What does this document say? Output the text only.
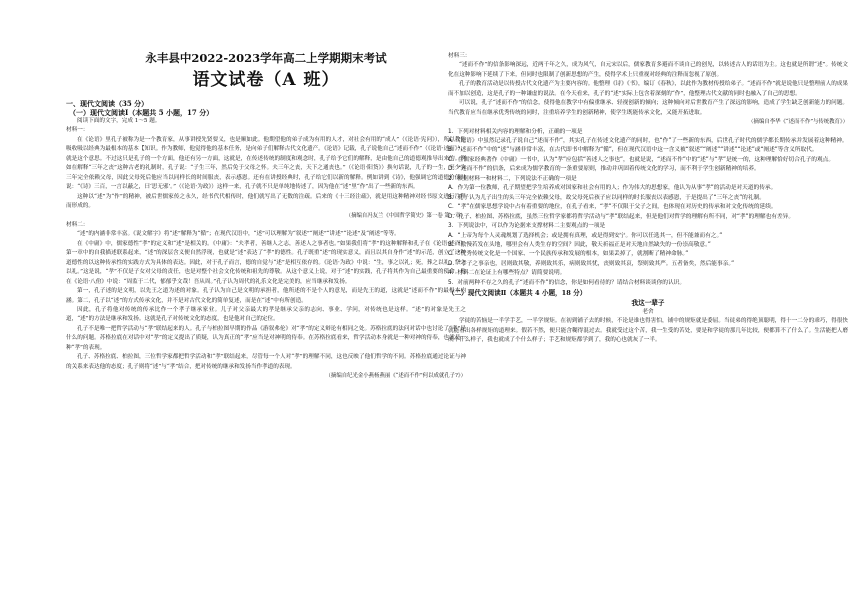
永丰县中2022-2023学年高二上学期期末考试
语文试卷（A 班）
一、现代文阅读（35 分）
（一）现代文阅读Ⅰ（本题共 5 小题，17 分）

阅读下面的文字，完成 1～5 题。

材料一：

在《论语》里孔子被称为是一个教育家，从事讲授先贤要义，也是顺如此。他期望他的弟子成为有用的人才，对社会有用的“成人”（《论语·宪问》），所以教他吸收吸以经典为最根本的基本【知识。作为教师，他觉得他的基本任务，是向弟子们解释古代文化遗产。《论语》记载，孔子说他自己“述而不作”（《论语·述而》），就是这个意思。不过这只是孔子的一个方面，他还有另一方面，这就是，在传述传统的制度和观念时，孔子给予它们的解释，是由他自己的道德观推导出来的。例如在解释“三年之丧”这种古老的礼制时，孔子说：“子生三年，然后免于父母之怀。夫三年之丧，天下之通丧也。”（《论语·阳货》）换句话说，儿子的一生，至少头三年完全依赖父母，因此父母死后他应当以同样长的时间服丧，表示感恩。还有在讲授经典时，孔子给它们以新的解释。例如讲到《诗》，他强调它的道德价值时说：“《诗》三百，一言以蔽之，曰‘思无邪’。”（《论语·为政》）这样一来，孔子就不只是单纯地传述了，因为他在“述”里“作”出了一些新的东西。

这种以“述”为“作”的精神，被后世儒家传之永久，经书代代相传时，他们就写出了无数的注疏。后来的《十三经注疏》，就是用这种精神对经书原文进行注释而形成的。

（摘编自冯友兰《中国哲学简史》第一卷 第一章）

材料二：

“述”的内涵非常丰富。《说文解字》将“述”解释为“循”；在现代汉语中，“述”可以理解为“叙述”“阐述”“讲述”“论述”及“阐述”等等。

在《中庸》中，儒家德性“孝”的定义和“述”是相关的。《中庸》：“夫孝者，善继人之志，善述人之事者也。”如果我们将“孝”的这种解释和孔子在《论语·述而》第一章中的自我描述联系起来，“述”的深层含义便自然浮现，也就是“述”表达了“孝”的德性。孔子既重“述”的现实意义，而且以其自身作“述”的示范，创立了这种道德性的以这种传承性的实践方式为具体的表达。因此，对于孔子而言，德的自觉与“述”是相互依存的。《论语·为政》中说：“生，事之以礼；死，葬之以礼，祭之以礼。”这是说，“孝”不仅是子女对父母的责任，也是对整个社会文化传统和祖先的尊敬。从这个意义上说，对于“述”的实践，孔子将其作为自己最重要的使命。他在《论语·八佾》中说：“周监于二代，郁郁乎文哉！吾从周。”孔子认为周代的礼乐文化是完美的，应当继承和发扬。

第一，孔子述的是文明，以先王之道为述的对象。孔子认为自己是文明的承担者，他所述的不是个人的意见，而是先王的道，这就是“述而不作”的最根本内涵。第二，孔子以“述”的方式传承文化，并不是对古代文化的简单复述，而是在“述”中有所创造。

因此，孔子将他对传统的传承比作一个孝子继承家业。儿子对父亲最大的孝是继承父亲的志向、事业、学问，对传统也是这样。“述”的对象是先王之道，“述”的方法是继承和发扬。这就是孔子对传统文化的态度，也是他对自己的定位。

孔子不是唯一把哲学活动与“孝”联结起来的人。孔子与柏拉图早期的作品《游叙弗伦》对“孝”的定义辩论有相同之处。苏格拉底的法问对话中也讨论了“孝”是什么的问题。苏格拉底在对话中对“孝”的定义提出了质疑，认为真正的“孝”应当是对神明的侍奉。在苏格拉底看来，哲学活动本身就是一种对神的侍奉，也就是一种“孝”的表现。

孔子、苏格拉底、柏拉图，三位哲学家都把哲学活动和“孝”联结起来，尽管每一个人对“孝”的理解不同，这也反映了他们哲学的不同。苏格拉底通过论证与神的关系来表达他的态度；孔子则将“述”与“孝”结合，把对传统的继承和发扬当作孝道的表现。

（摘编自纪光金小燕杨燕丽《“述而不作”何以成就孔子?》）

材料三：

“述而不作”的信条影响深远，近两千年之久，成为风气，自元宋以后，儒家教育多避而不谈自己的创见，以转述古人的话语为主。这也就是所谓“述”。传统文化在这种影响下延续了下来，但同时也限制了创新思想的产生，使得学术上只重视对经典的注释而忽视了原创。

孔子的教育活动是以传授古代文化遗产为主要内容的。他整理《诗》《书》，编订《春秋》，以此作为教材传授给弟子。“述而不作”就是说他只是整理前人的成果而不加以创造，这是孔子的一种谦虚的说法。在今天看来，孔子的“述”实际上包含着深刻的“作”，他整理古代文献的同时也融入了自己的思想。

可以说，孔子“述而不作”的信念，使得他在教学中有偏重继承、轻视创新的倾向；这种倾向对后世教育产生了深远的影响，造成了学生缺乏创新能力的问题。当代教育应当在继承优秀传统的同时，注重培养学生的创新精神，使学生既能传承文化，又能开拓进取。

（摘编自李华《“述而不作”与传统教育》）

1．下列对材料相关内容的理解和分析，正确的一项是

A．《论语》中虽然记录孔子说自己“述而不作”，其实孔子在传述文化遗产的同时，也“作”了一些新的东西，后世孔子时代的儒学都长期传承并发展着这种精神。

B．“述而不作”中的“述”与涵非常丰富，在古代即书中解释为“循”，但在现代汉语中这一含义被“叙述”“阐述”“讲述”“论述”或“阐述”等含义所取代。

C．在儒家经典著作《中庸》一书中，认为“孝”应包括“善述人之事也”，也就是说，“述而不作”中的“述”与“孝”是统一的，这种理解恰好切合孔子的观点。

D．“述而不作”的信条，后来成为儒学教育的一条重要原则，推动并巩固着传统文化的学习，而不利于学生创新精神的培养。

2．根据材料一和材料二，下列说法不正确的一项是

A．作为第一位教师，孔子期望把学生培养成对国家和社会有用的人；作为伟大的思想家，他认为从事“孝”的活动是对天道的传承。

B．孔子认为儿子出生的头三年完全依赖父母，故父母死后孩子应以同样的时长服丧以表感恩，于是提出了“三年之丧”的礼制。

C．“孝”在儒家思想学说中占有着重要的地位，在孔子看来，“孝”不仅限于父子之间，也体现在对历史的传承和对文化传统的延续。

D．孔子、柏拉图、苏格拉底，虽然三位哲学家都将哲学活动与“孝”联结起来，但是他们对哲学的理解有所不同，对“孝”的理解也有差异。

3．下列说法中，可以作为论据来支撑材料二主要观点的一项是

A．“上帝为每个人灵魂规划了选择机会；或是拥有真理，或是得到安宁。你可以任选其一，但不能兼而有之。”

B．“傲慢若发在头地，哪里会有人类生存的空间？因此，敬天祈福正是对天地自然缺失的一份崇高敬意。”

C．“优秀传统文化是一个国家、一个民族传承和发展的根本，如果丢掉了，就割断了精神命脉。”

D．“孝子之事亲也，居则致其敬，养则致其乐，病则致其忧，丧则致其哀，祭则致其严。五者备矣，然后能事亲。”

4．材料二在论证上有哪些特点？请简要说明。

5．对前两种不存之久的孔子“述而不作”的信念，你是如何看待的？请结合材料谈谈你的认识。

（二）现代文阅读Ⅱ（本题共 4 小题，18 分）
我这一辈子
老舍

学徒的苦恼是一半学手艺，一半学规矩。在初到铺子去的时候，不论是谁也得害怕，铺中的规矩就是委屈。当徒弟的得绝顶聪明，得十一二分的乖巧，得很快就能看出各样规矩的道理来。假若不然，便只能含糊得混过去。我就受过这个苦，我一生受的苦处，要是和学徒的那几年比较，便都算不了什么了。生活能把人磨成个什么样子，我也就成了个什么样子；手艺和规矩都学到了，我的心也就灰了一半。
